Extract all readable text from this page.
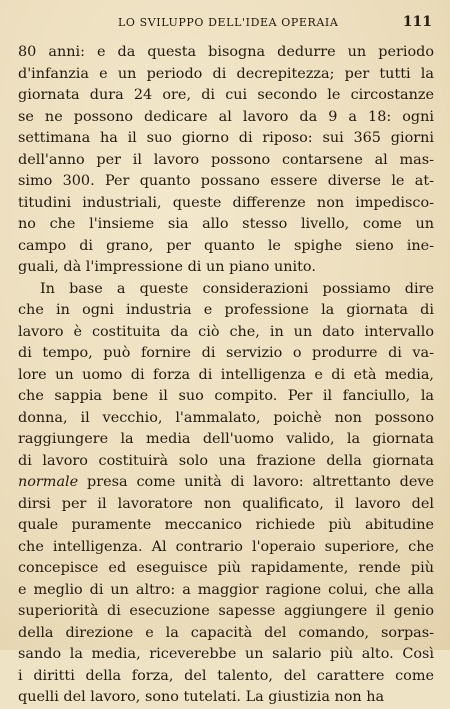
LO SVILUPPO DELL'IDEA OPERAIA	111

80 anni: e da questa bisogna dedurre un periodo
d'infanzia e un periodo di decrepitezza; per tutti la
giornata dura 24 ore, di cui secondo le circostanze
se ne possono dedicare al lavoro da 9 a 18: ogni
settimana ha il suo giorno di riposo: sui 365 giorni
dell'anno per il lavoro possono contarsene al mas-
simo 300. Per quanto possano essere diverse le at-
titudini industriali, queste differenze non impedisco-
no che l'insieme sia allo stesso livello, come un
campo di grano, per quanto le spighe sieno ine-
guali, dà l'impressione di un piano unito.

In base a queste considerazioni possiamo dire
che in ogni industria e professione la giornata di
lavoro è costituita da ciò che, in un dato intervallo
di tempo, può fornire di servizio o produrre di va-
lore un uomo di forza di intelligenza e di età media,
che sappia bene il suo compito. Per il fanciullo, la
donna, il vecchio, l'ammalato, poichè non possono
raggiungere la media dell'uomo valido, la giornata
di lavoro costituirà solo una frazione della giornata
normale presa come unità di lavoro: altrettanto deve
dirsi per il lavoratore non qualificato, il lavoro del
quale puramente meccanico richiede più abitudine
che intelligenza. Al contrario l'operaio superiore, che
concepisce ed eseguisce più rapidamente, rende più
e meglio di un altro: a maggior ragione colui, che alla
superiorità di esecuzione sapesse aggiungere il genio
della direzione e la capacità del comando, sorpas-
sando la media, riceverebbe un salario più alto. Così
i diritti della forza, del talento, del carattere come
quelli del lavoro, sono tutelati. La giustizia non ha
